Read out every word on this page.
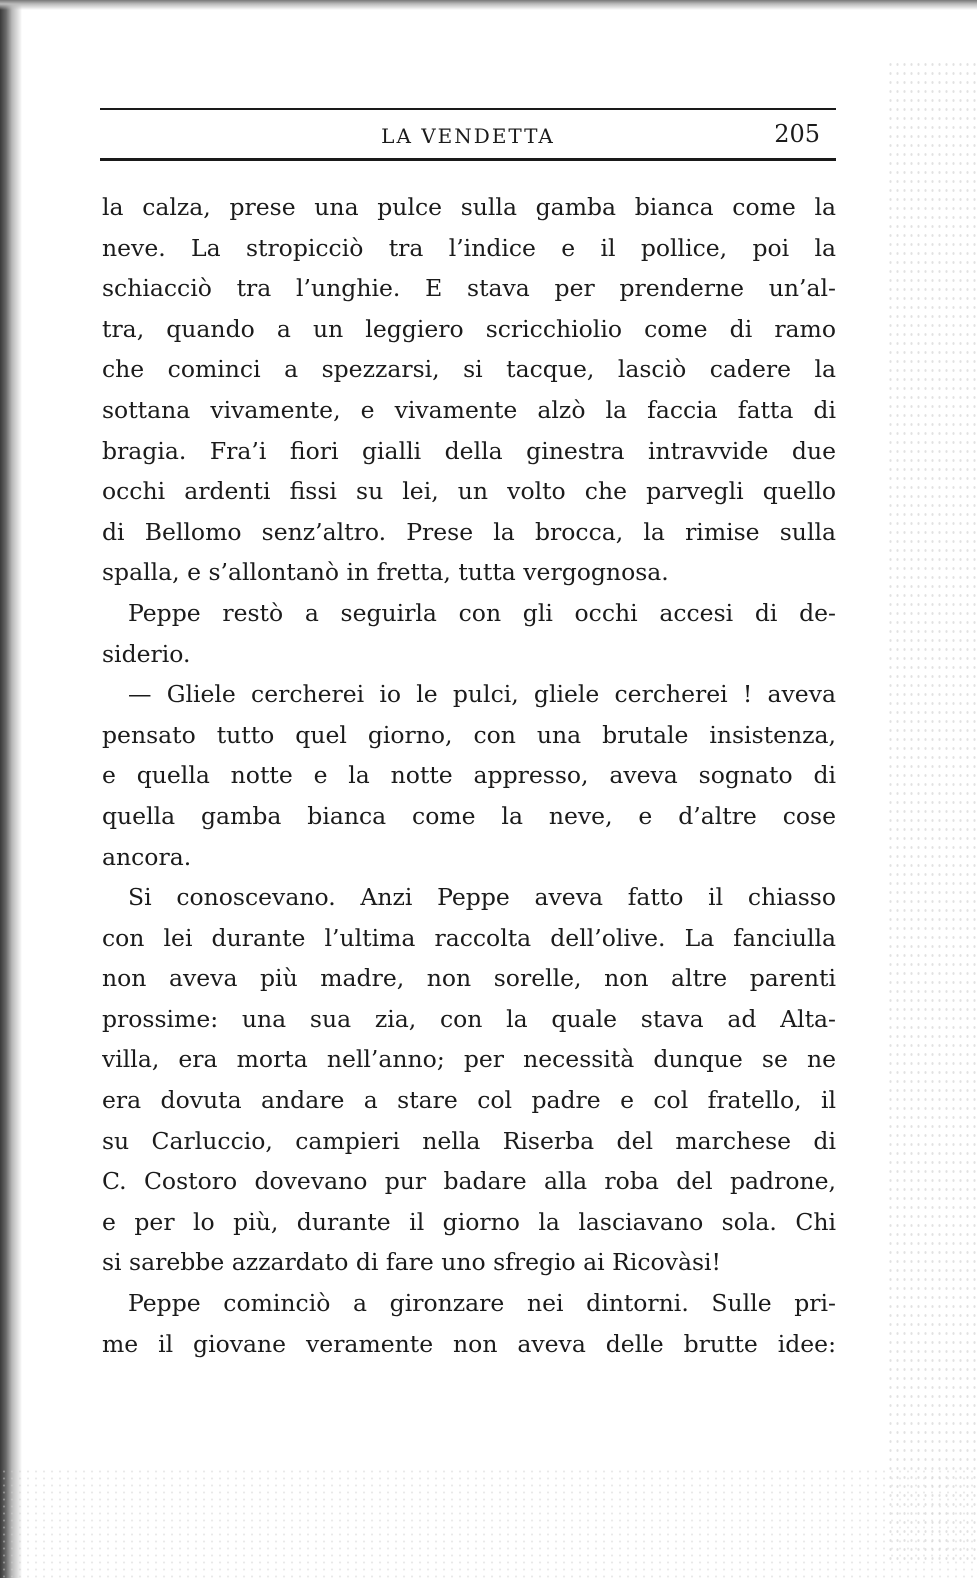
LA VENDETTA	205
la calza, prese una pulce sulla gamba bianca come la
neve. La stropicciò tra l’indice e il pollice, poi la
schiacciò tra l’unghie. E stava per prenderne un’al-
tra, quando a un leggiero scricchiolio come di ramo
che cominci a spezzarsi, si tacque, lasciò cadere la
sottana vivamente, e vivamente alzò la faccia fatta di
bragia. Fra’i fiori gialli della ginestra intravvide due
occhi ardenti fissi su lei, un volto che parvegli quello
di Bellomo senz’altro. Prese la brocca, la rimise sulla
spalla, e s’allontanò in fretta, tutta vergognosa.
Peppe restò a seguirla con gli occhi accesi di de-
siderio.
— Gliele cercherei io le pulci, gliele cercherei ! aveva
pensato tutto quel giorno, con una brutale insistenza,
e quella notte e la notte appresso, aveva sognato di
quella gamba bianca come la neve, e d’altre cose
ancora.
Si conoscevano. Anzi Peppe aveva fatto il chiasso
con lei durante l’ultima raccolta dell’olive. La fanciulla
non aveva più madre, non sorelle, non altre parenti
prossime: una sua zia, con la quale stava ad Alta-
villa, era morta nell’anno; per necessità dunque se ne
era dovuta andare a stare col padre e col fratello, il
su Carluccio, campieri nella Riserba del marchese di
C. Costoro dovevano pur badare alla roba del padrone,
e per lo più, durante il giorno la lasciavano sola. Chi
si sarebbe azzardato di fare uno sfregio ai Ricovàsi!
Peppe cominciò a gironzare nei dintorni. Sulle pri-
me il giovane veramente non aveva delle brutte idee:
